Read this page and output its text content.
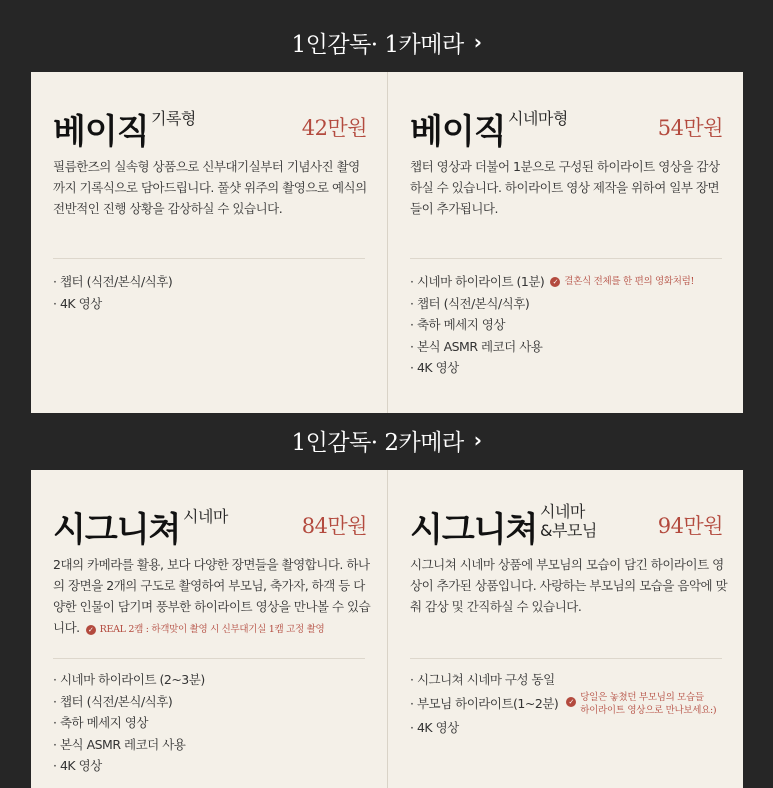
1인감독· 1카메라 ›
베이직 기록형	42만원
필름한즈의 실속형 상품으로 신부대기실부터 기념사진 촬영까지 기록식으로 담아드립니다. 풀샷 위주의 촬영으로 예식의 전반적인 진행 상황을 감상하실 수 있습니다.
· 챕터 (식전/본식/식후)
· 4K 영상
베이직 시네마형	54만원
챕터 영상과 더불어 1분으로 구성된 하이라이트 영상을 감상하실 수 있습니다. 하이라이트 영상 제작을 위하여 일부 장면들이 추가됩니다.
· 시네마 하이라이트 (1분)	✓ 결혼식 전체를 한 편의 영화처럼!
· 챕터 (식전/본식/식후)
· 축하 메세지 영상
· 본식 ASMR 레코더 사용
· 4K 영상
1인감독· 2카메라 ›
시그니쳐 시네마	84만원
2대의 카메라를 활용, 보다 다양한 장면들을 촬영합니다. 하나의 장면을 2개의 구도로 촬영하여 부모님, 축가자, 하객 등 다양한 인물이 담기며 풍부한 하이라이트 영상을 만나볼 수 있습니다. ✓ REAL 2캠 : 하객맞이 촬영 시 신부대기실 1캠 고정 촬영
· 시네마 하이라이트 (2~3분)
· 챕터 (식전/본식/식후)
· 축하 메세지 영상
· 본식 ASMR 레코더 사용
· 4K 영상
시그니쳐 시네마
&부모님	94만원
시그니쳐 시네마 상품에 부모님의 모습이 담긴 하이라이트 영상이 추가된 상품입니다. 사랑하는 부모님의 모습을 음악에 맞춰 감상 및 간직하실 수 있습니다.
· 시그니쳐 시네마 구성 동일
· 부모님 하이라이트(1~2분)	✓ 당일은 놓쳤던 부모님의 모습들
하이라이트 영상으로 만나보세요:)
· 4K 영상
